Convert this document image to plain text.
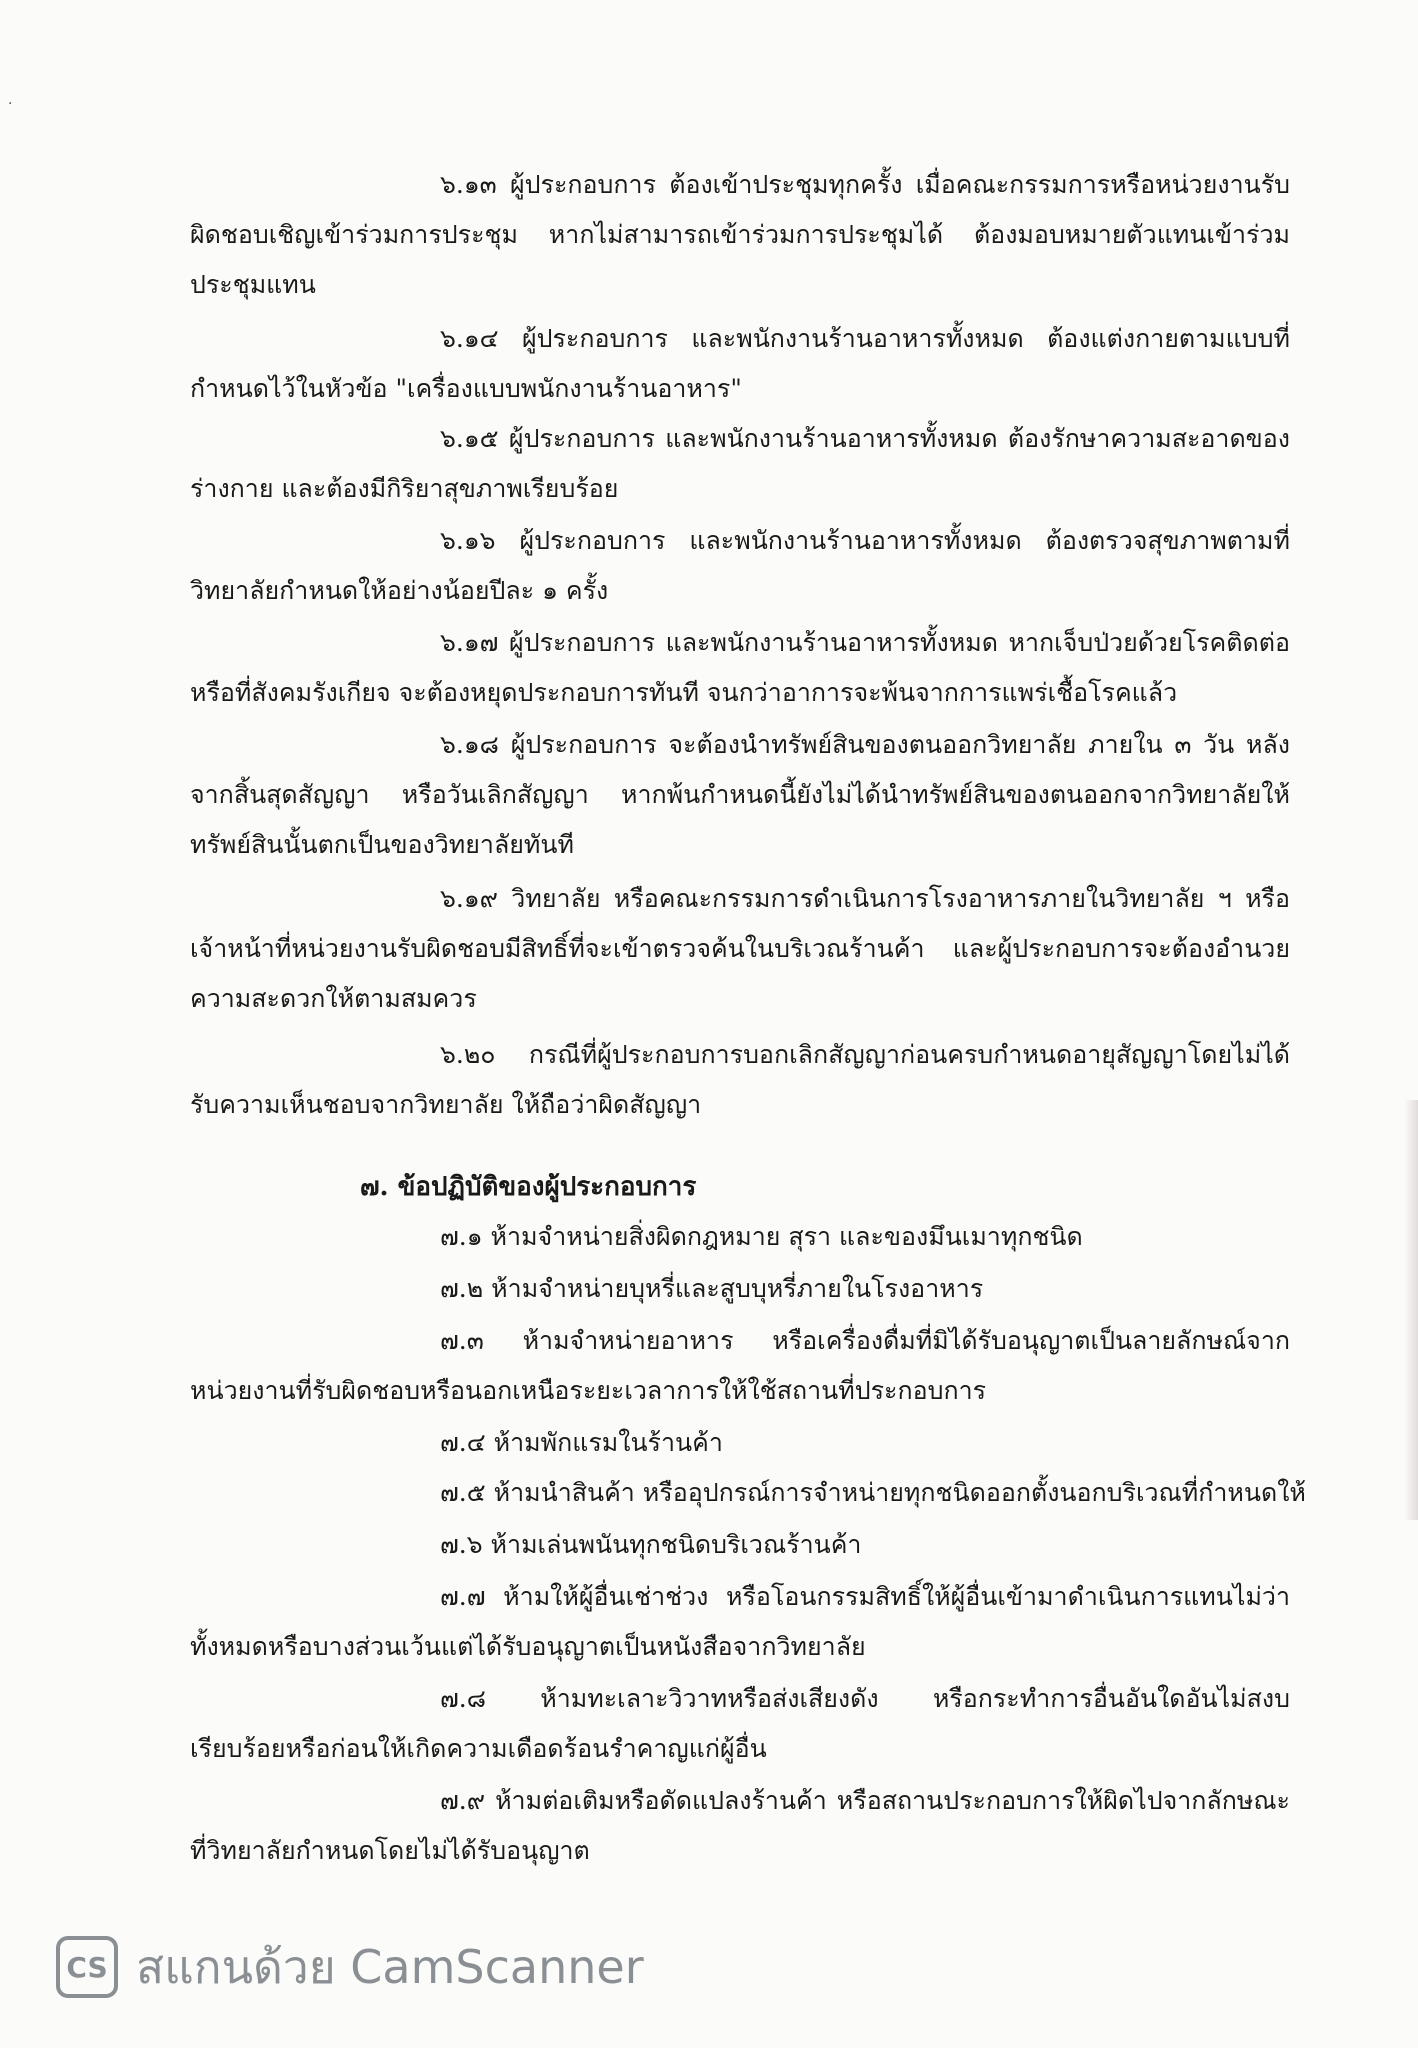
·

๖.๑๓ ผู้ประกอบการ ต้องเข้าประชุมทุกครั้ง เมื่อคณะกรรมการหรือหน่วยงานรับผิดชอบเชิญเข้าร่วมการประชุม หากไม่สามารถเข้าร่วมการประชุมได้ ต้องมอบหมายตัวแทนเข้าร่วมประชุมแทน

๖.๑๔ ผู้ประกอบการ และพนักงานร้านอาหารทั้งหมด ต้องแต่งกายตามแบบที่กำหนดไว้ในหัวข้อ "เครื่องแบบพนักงานร้านอาหาร"

๖.๑๕ ผู้ประกอบการ และพนักงานร้านอาหารทั้งหมด ต้องรักษาความสะอาดของร่างกาย และต้องมีกิริยาสุขภาพเรียบร้อย

๖.๑๖ ผู้ประกอบการ และพนักงานร้านอาหารทั้งหมด ต้องตรวจสุขภาพตามที่วิทยาลัยกำหนดให้อย่างน้อยปีละ ๑ ครั้ง

๖.๑๗ ผู้ประกอบการ และพนักงานร้านอาหารทั้งหมด หากเจ็บป่วยด้วยโรคติดต่อหรือที่สังคมรังเกียจ จะต้องหยุดประกอบการทันที จนกว่าอาการจะพ้นจากการแพร่เชื้อโรคแล้ว

๖.๑๘ ผู้ประกอบการ จะต้องนำทรัพย์สินของตนออกวิทยาลัย ภายใน ๓ วัน หลังจากสิ้นสุดสัญญา หรือวันเลิกสัญญา หากพ้นกำหนดนี้ยังไม่ได้นำทรัพย์สินของตนออกจากวิทยาลัยให้ทรัพย์สินนั้นตกเป็นของวิทยาลัยทันที

๖.๑๙ วิทยาลัย หรือคณะกรรมการดำเนินการโรงอาหารภายในวิทยาลัย ฯ หรือเจ้าหน้าที่หน่วยงานรับผิดชอบมีสิทธิ์ที่จะเข้าตรวจค้นในบริเวณร้านค้า และผู้ประกอบการจะต้องอำนวยความสะดวกให้ตามสมควร

๖.๒๐ กรณีที่ผู้ประกอบการบอกเลิกสัญญาก่อนครบกำหนดอายุสัญญาโดยไม่ได้รับความเห็นชอบจากวิทยาลัย ให้ถือว่าผิดสัญญา

๗. ข้อปฏิบัติของผู้ประกอบการ

๗.๑ ห้ามจำหน่ายสิ่งผิดกฎหมาย สุรา และของมึนเมาทุกชนิด

๗.๒ ห้ามจำหน่ายบุหรี่และสูบบุหรี่ภายในโรงอาหาร

๗.๓ ห้ามจำหน่ายอาหาร หรือเครื่องดื่มที่มิได้รับอนุญาตเป็นลายลักษณ์จากหน่วยงานที่รับผิดชอบหรือนอกเหนือระยะเวลาการให้ใช้สถานที่ประกอบการ

๗.๔ ห้ามพักแรมในร้านค้า

๗.๕ ห้ามนำสินค้า หรืออุปกรณ์การจำหน่ายทุกชนิดออกตั้งนอกบริเวณที่กำหนดให้

๗.๖ ห้ามเล่นพนันทุกชนิดบริเวณร้านค้า

๗.๗ ห้ามให้ผู้อื่นเช่าช่วง หรือโอนกรรมสิทธิ์ให้ผู้อื่นเข้ามาดำเนินการแทนไม่ว่าทั้งหมดหรือบางส่วนเว้นแต่ได้รับอนุญาตเป็นหนังสือจากวิทยาลัย

๗.๘ ห้ามทะเลาะวิวาทหรือส่งเสียงดัง หรือกระทำการอื่นอันใดอันไม่สงบเรียบร้อยหรือก่อนให้เกิดความเดือดร้อนรำคาญแก่ผู้อื่น

๗.๙ ห้ามต่อเติมหรือดัดแปลงร้านค้า หรือสถานประกอบการให้ผิดไปจากลักษณะที่วิทยาลัยกำหนดโดยไม่ได้รับอนุญาต

CS สแกนด้วย CamScanner
